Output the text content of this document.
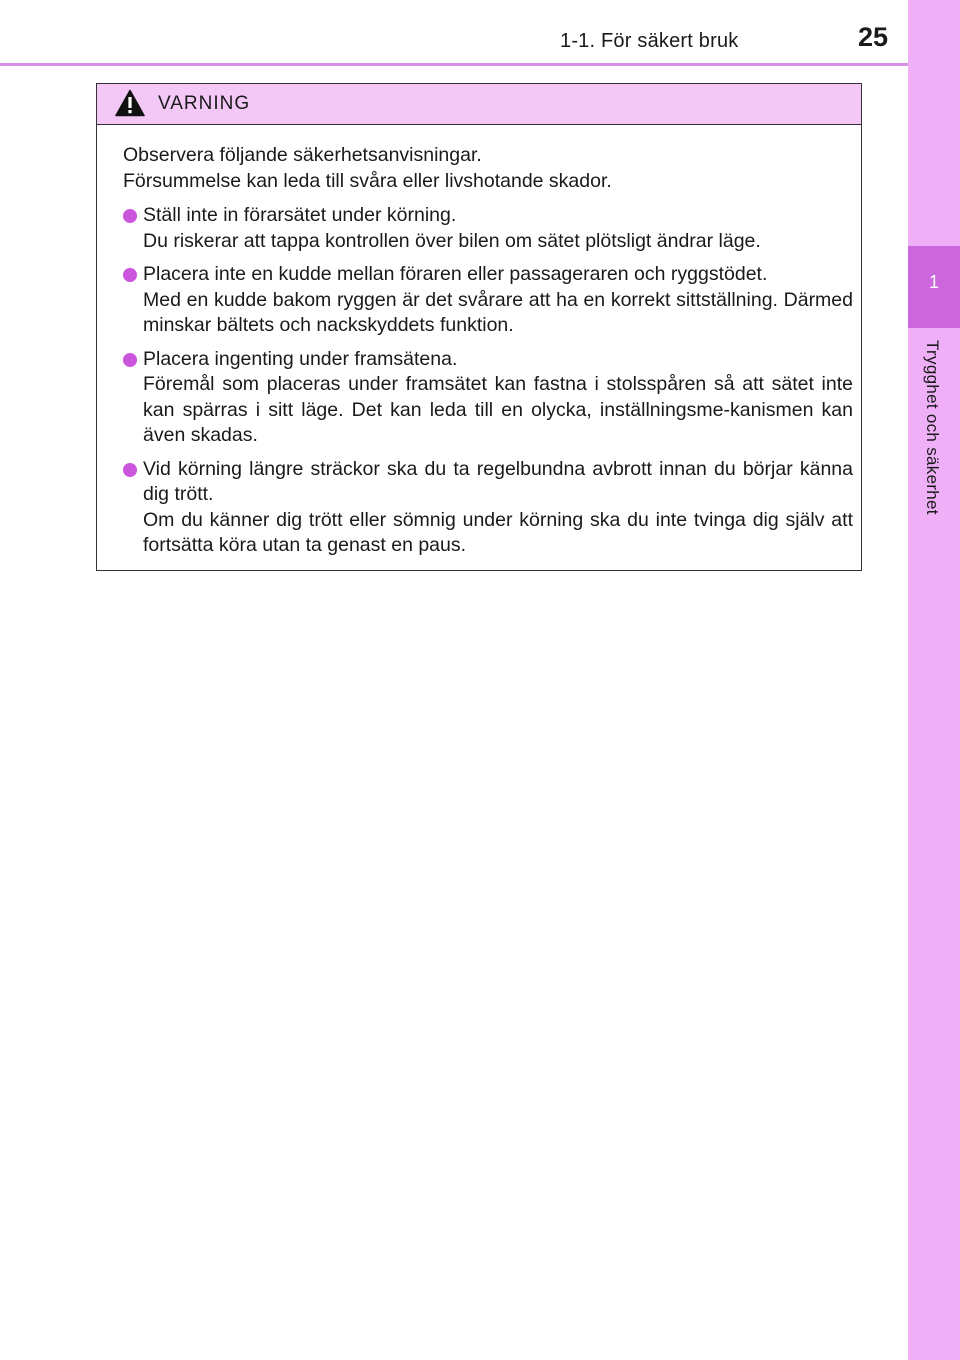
1-1. För säkert bruk	25
1
Trygghet och säkerhet
VARNING

Observera följande säkerhetsanvisningar.

Försummelse kan leda till svåra eller livshotande skador.

Ställ inte in förarsätet under körning.
Du riskerar att tappa kontrollen över bilen om sätet plötsligt ändrar läge.
Placera inte en kudde mellan föraren eller passageraren och ryggstödet.
Med en kudde bakom ryggen är det svårare att ha en korrekt sittställning. Därmed minskar bältets och nackskyddets funktion.
Placera ingenting under framsätena.
Föremål som placeras under framsätet kan fastna i stolsspåren så att sätet inte kan spärras i sitt läge. Det kan leda till en olycka, inställningsme-kanismen kan även skadas.
Vid körning längre sträckor ska du ta regelbundna avbrott innan du börjar känna dig trött.
Om du känner dig trött eller sömnig under körning ska du inte tvinga dig själv att fortsätta köra utan ta genast en paus.
